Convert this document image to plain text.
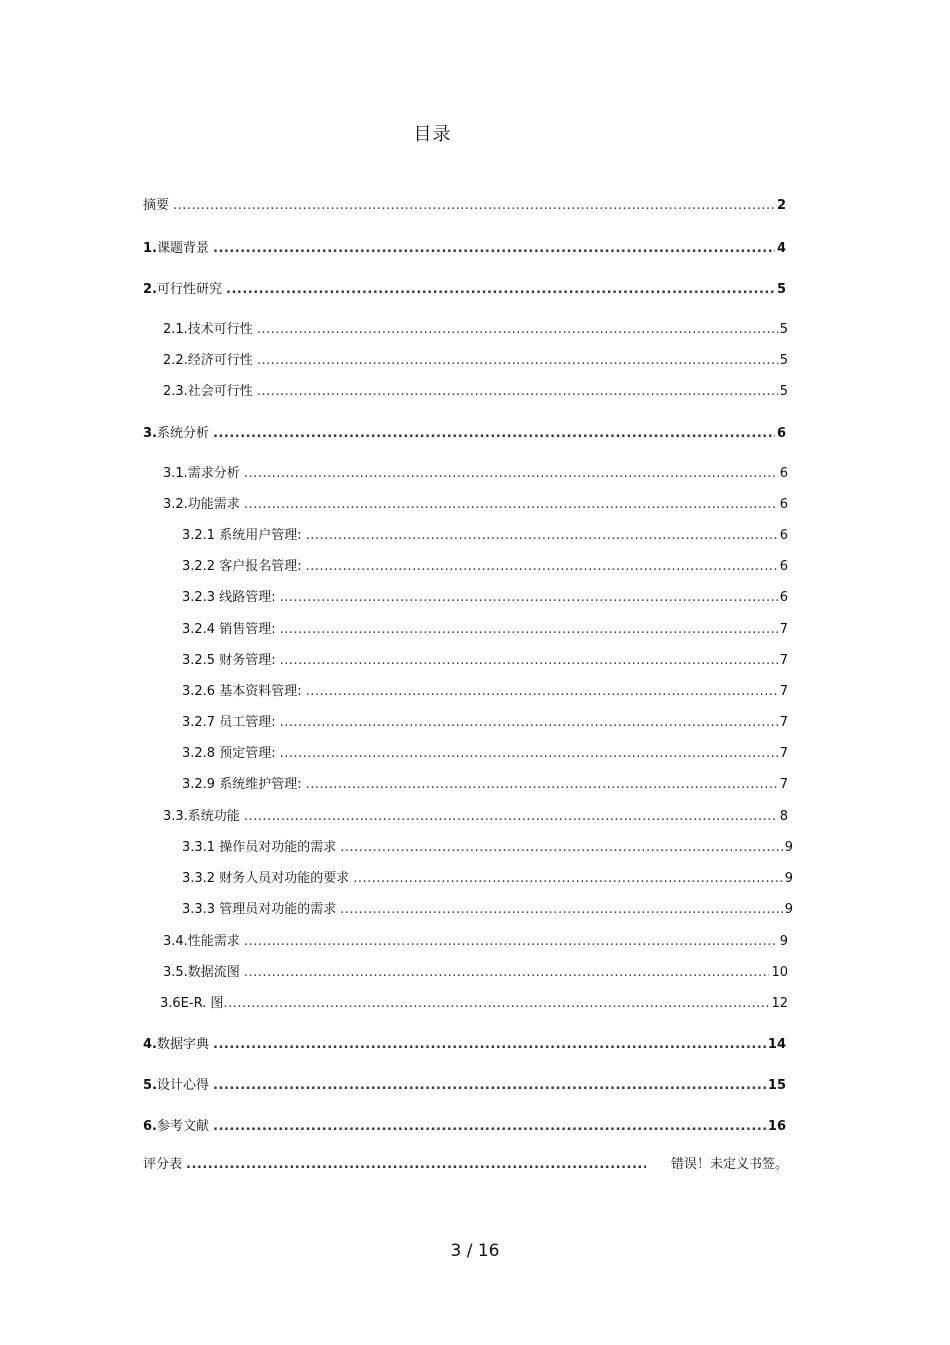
目录
摘要 .....	2
1.课题背景 .....	4
2.可行性研究 .....	5
2.1.技术可行性 .....	5
2.2.经济可行性 .....	5
2.3.社会可行性 .....	5
3.系统分析 .....	6
3.1.需求分析 .....	6
3.2.功能需求 .....	6
3.2.1 系统用户管理: .....	6
3.2.2 客户报名管理: .....	6
3.2.3 线路管理: .....	6
3.2.4 销售管理: .....	7
3.2.5 财务管理: .....	7
3.2.6 基本资料管理: .....	7
3.2.7 员工管理: .....	7
3.2.8 预定管理: .....	7
3.2.9 系统维护管理: .....	7
3.3.系统功能 .....	8
3.3.1 操作员对功能的需求 .....	9
3.3.2 财务人员对功能的要求 .....	9
3.3.3 管理员对功能的需求 .....	9
3.4.性能需求 .....	9
3.5.数据流图 .....	10
3.6E-R. 图 .....	12
4.数据字典 .....	14
5.设计心得 .....	15
6.参考文献 .....	16
评分表 .....	错误！未定义书签。
3 / 16
